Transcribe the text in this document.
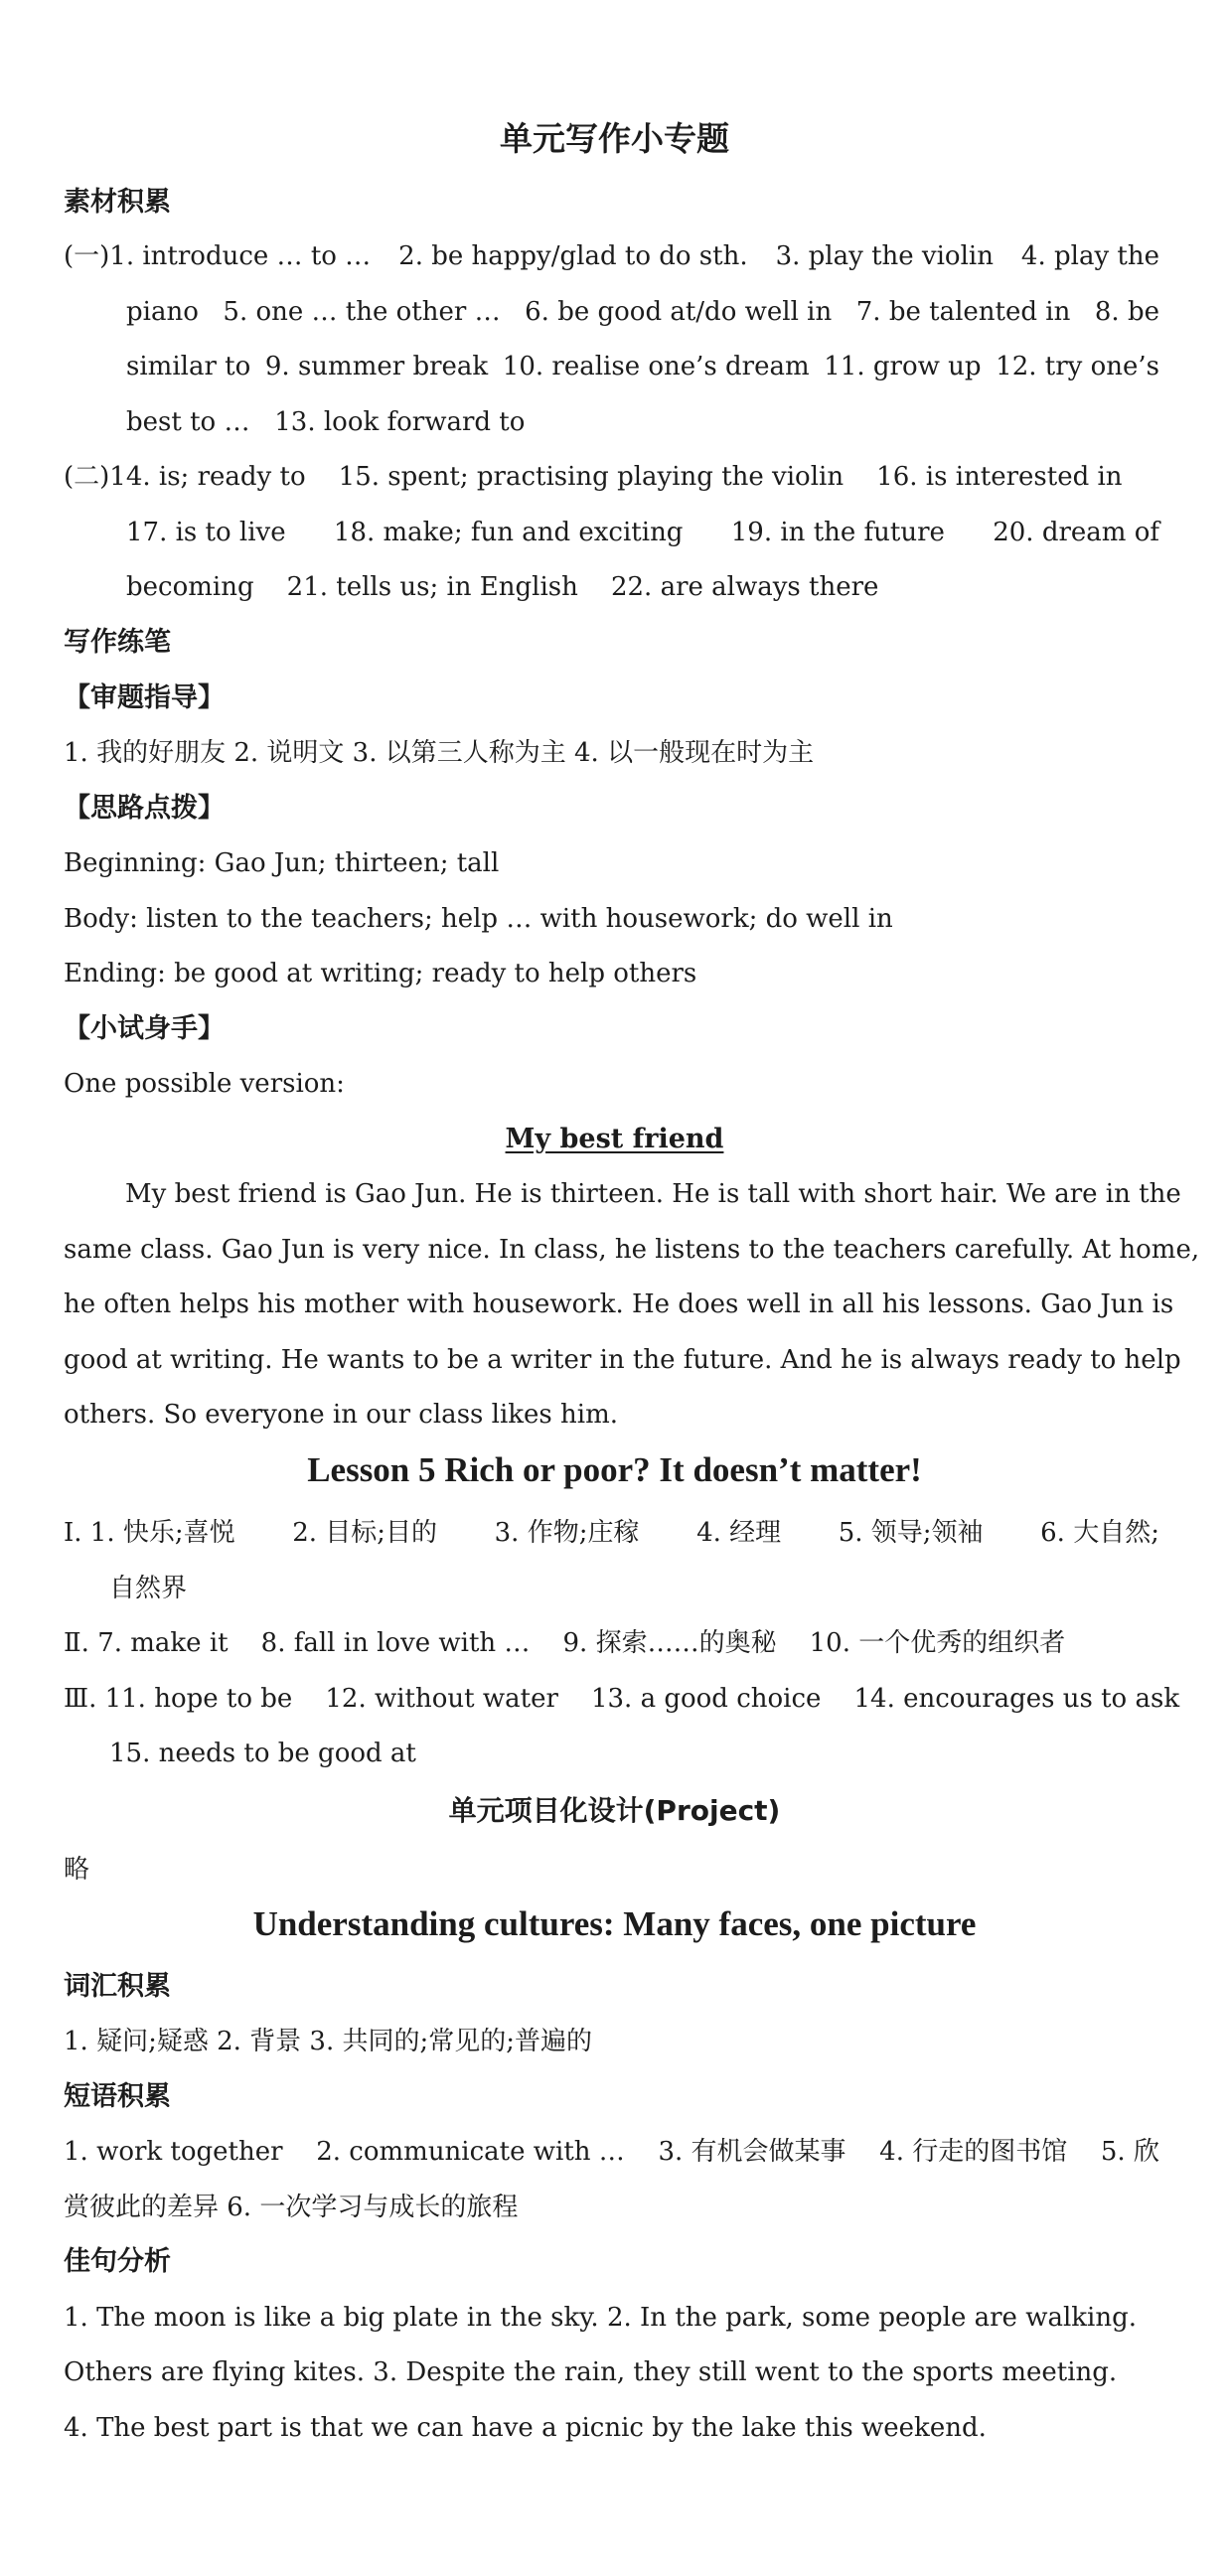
单元写作小专题
素材积累
(一)1. introduce … to … 2. be happy/glad to do sth. 3. play the violin 4. play the
piano 5. one … the other … 6. be good at/do well in 7. be talented in 8. be
similar to 9. summer break 10. realise one’s dream 11. grow up 12. try one’s
best to … 13. look forward to
(二)14. is; ready to 15. spent; practising playing the violin 16. is interested in
17. is to live 18. make; fun and exciting 19. in the future 20. dream of
becoming 21. tells us; in English 22. are always there
写作练笔
【审题指导】
1. 我的好朋友 2. 说明文 3. 以第三人称为主 4. 以一般现在时为主
【思路点拨】
Beginning: Gao Jun; thirteen; tall
Body: listen to the teachers; help … with housework; do well in
Ending: be good at writing; ready to help others
【小试身手】
One possible version:
My best friend
My best friend is Gao Jun. He is thirteen. He is tall with short hair. We are in the
same class. Gao Jun is very nice. In class, he listens to the teachers carefully. At home,
he often helps his mother with housework. He does well in all his lessons. Gao Jun is
good at writing. He wants to be a writer in the future. And he is always ready to help
others. So everyone in our class likes him.
Lesson 5 Rich or poor? It doesn’t matter!
Ⅰ. 1. 快乐;喜悦 2. 目标;目的 3. 作物;庄稼 4. 经理 5. 领导;领袖 6. 大自然;
自然界
Ⅱ. 7. make it 8. fall in love with … 9. 探索……的奥秘 10. 一个优秀的组织者
Ⅲ. 11. hope to be 12. without water 13. a good choice 14. encourages us to ask
15. needs to be good at
单元项目化设计(Project)
略
Understanding cultures: Many faces, one picture
词汇积累
1. 疑问;疑惑 2. 背景 3. 共同的;常见的;普遍的
短语积累
1. work together 2. communicate with … 3. 有机会做某事 4. 行走的图书馆 5. 欣
赏彼此的差异 6. 一次学习与成长的旅程
佳句分析
1. The moon is like a big plate in the sky. 2. In the park, some people are walking.
Others are flying kites. 3. Despite the rain, they still went to the sports meeting.
4. The best part is that we can have a picnic by the lake this weekend.
